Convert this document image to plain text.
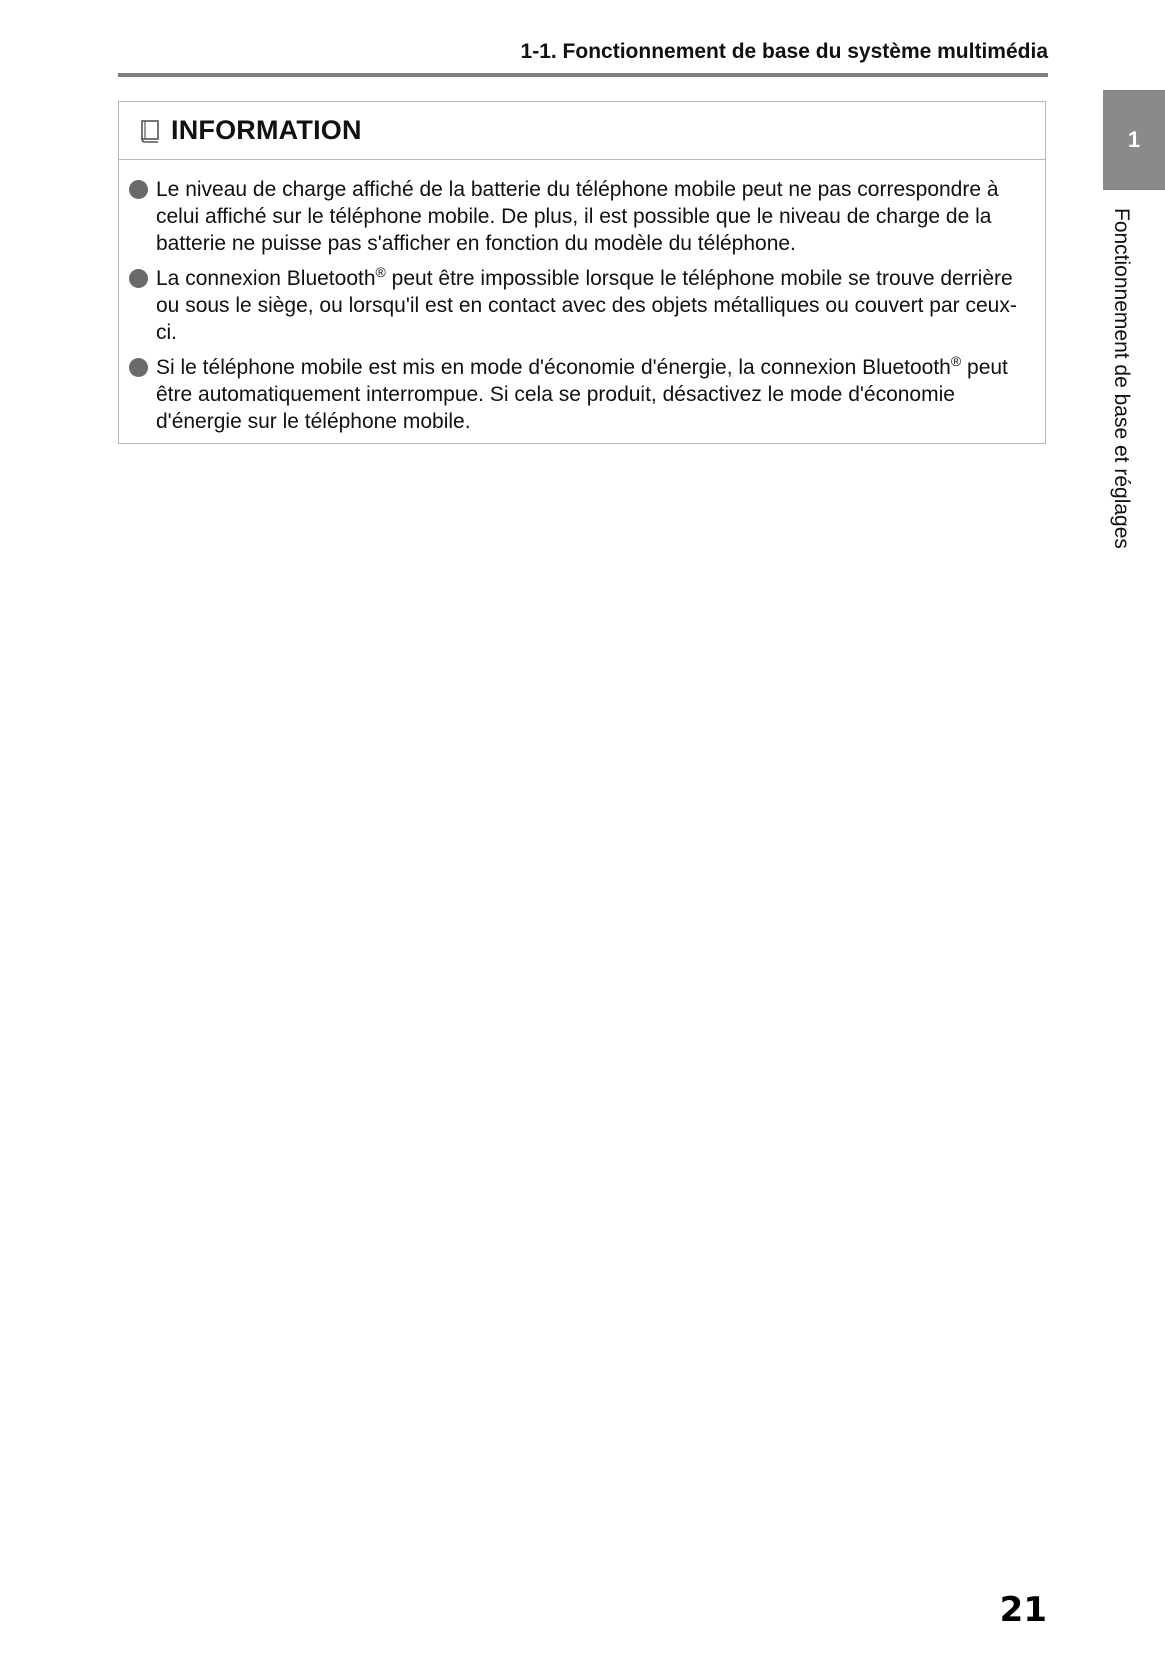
1-1. Fonctionnement de base du système multimédia
INFORMATION
Le niveau de charge affiché de la batterie du téléphone mobile peut ne pas correspondre à celui affiché sur le téléphone mobile. De plus, il est possible que le niveau de charge de la batterie ne puisse pas s'afficher en fonction du modèle du téléphone.
La connexion Bluetooth® peut être impossible lorsque le téléphone mobile se trouve derrière ou sous le siège, ou lorsqu'il est en contact avec des objets métalliques ou couvert par ceux-ci.
Si le téléphone mobile est mis en mode d'économie d'énergie, la connexion Bluetooth® peut être automatiquement interrompue. Si cela se produit, désactivez le mode d'économie d'énergie sur le téléphone mobile.
1
Fonctionnement de base et réglages
21
